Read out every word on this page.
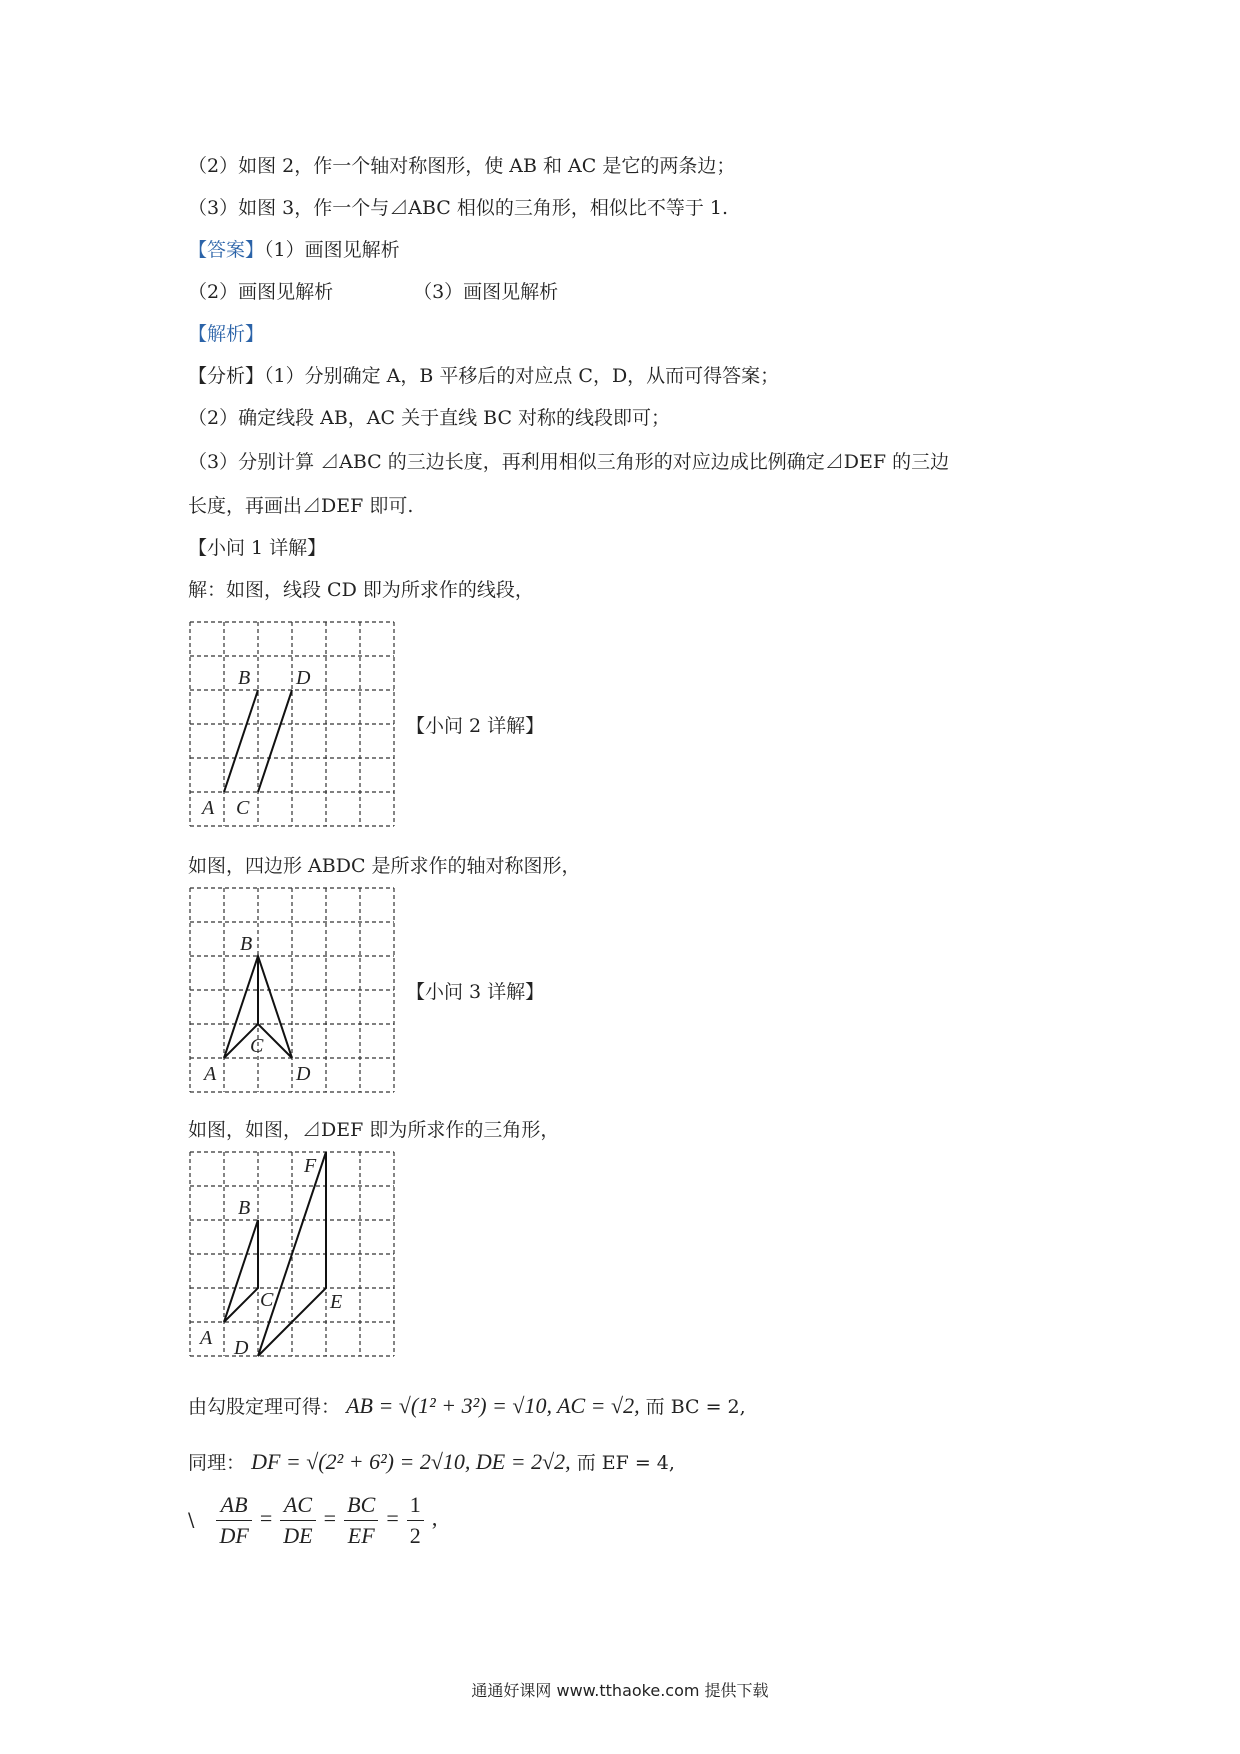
（2）如图 2，作一个轴对称图形，使 AB 和 AC 是它的两条边；
（3）如图 3，作一个与⊿ABC 相似的三角形，相似比不等于 1.
【答案】（1）画图见解析
（2）画图见解析	（3）画图见解析
【解析】
【分析】（1）分别确定 A，B 平移后的对应点 C，D，从而可得答案；
（2）确定线段 AB，AC 关于直线 BC 对称的线段即可；
（3）分别计算 ⊿ABC 的三边长度，再利用相似三角形的对应边成比例确定⊿DEF 的三边
长度，再画出⊿DEF 即可.
【小问 1 详解】
解：如图，线段 CD 即为所求作的线段，
A
B
C
D
【小问 2 详解】
如图，四边形 ABDC 是所求作的轴对称图形，
A
B
C
D
【小问 3 详解】
如图，如图，⊿DEF 即为所求作的三角形，
A
B
C
D
E
F
由勾股定理可得： AB = √(1² + 3²) = √10, AC = √2, 而 BC = 2,
同理： DF = √(2² + 6²) = 2√10, DE = 2√2, 而 EF = 4,
\ $\frac{AB}{DF} = \frac{AC}{DE} = \frac{BC}{EF} = \frac{1}{2}$ ,
通通好课网 www.tthaoke.com 提供下载
